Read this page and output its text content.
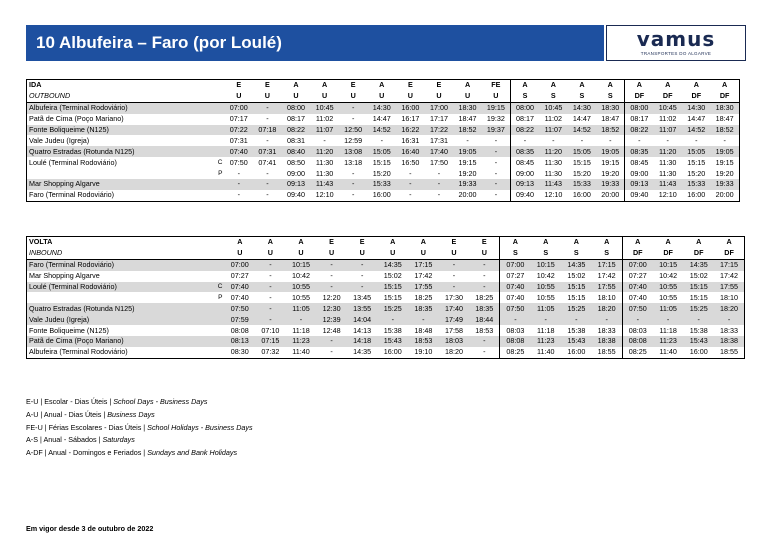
10 Albufeira – Faro (por Loulé)	vamus
TRANSPORTES DO ALGARVE
IDA		E	E	A	A	E	A	E	E	A	FE	A	A	A	A	A	A	A	A
OUTBOUND		U	U	U	U	U	U	U	U	U	U	S	S	S	S	DF	DF	DF	DF
Albufeira (Terminal Rodoviário)		07:00	-	08:00	10:45	-	14:30	16:00	17:00	18:30	19:15	08:00	10:45	14:30	18:30	08:00	10:45	14:30	18:30
Patã de Cima (Poço Mariano)		07:17	-	08:17	11:02	-	14:47	16:17	17:17	18:47	19:32	08:17	11:02	14:47	18:47	08:17	11:02	14:47	18:47
Fonte Boliqueime (N125)		07:22	07:18	08:22	11:07	12:50	14:52	16:22	17:22	18:52	19:37	08:22	11:07	14:52	18:52	08:22	11:07	14:52	18:52
Vale Judeu (Igreja)		07:31	-	08:31	-	12:59	-	16:31	17:31	-	-	-	-	-	-	-	-	-	-
Quatro Estradas (Rotunda N125)		07:40	07:31	08:40	11:20	13:08	15:05	16:40	17:40	19:05	-	08:35	11:20	15:05	19:05	08:35	11:20	15:05	19:05
Loulé (Terminal Rodoviário)	C	07:50	07:41	08:50	11:30	13:18	15:15	16:50	17:50	19:15	-	08:45	11:30	15:15	19:15	08:45	11:30	15:15	19:15
	P	-	-	09:00	11:30	-	15:20	-	-	19:20	-	09:00	11:30	15:20	19:20	09:00	11:30	15:20	19:20
Mar Shopping Algarve		-	-	09:13	11:43	-	15:33	-	-	19:33	-	09:13	11:43	15:33	19:33	09:13	11:43	15:33	19:33
Faro (Terminal Rodoviário)		-	-	09:40	12:10	-	16:00	-	-	20:00	-	09:40	12:10	16:00	20:00	09:40	12:10	16:00	20:00
VOLTA		A	A	A	E	E	A	A	E	E	A	A	A	A	A	A	A	A
INBOUND		U	U	U	U	U	U	U	U	U	S	S	S	S	DF	DF	DF	DF
Faro (Terminal Rodoviário)		07:00	-	10:15	-	-	14:35	17:15	-	-	07:00	10:15	14:35	17:15	07:00	10:15	14:35	17:15
Mar Shopping Algarve		07:27	-	10:42	-	-	15:02	17:42	-	-	07:27	10:42	15:02	17:42	07:27	10:42	15:02	17:42
Loulé (Terminal Rodoviário)	C	07:40	-	10:55	-	-	15:15	17:55	-	-	07:40	10:55	15:15	17:55	07:40	10:55	15:15	17:55
	P	07:40	-	10:55	12:20	13:45	15:15	18:25	17:30	18:25	07:40	10:55	15:15	18:10	07:40	10:55	15:15	18:10
Quatro Estradas (Rotunda N125)		07:50	-	11:05	12:30	13:55	15:25	18:35	17:40	18:35	07:50	11:05	15:25	18:20	07:50	11:05	15:25	18:20
Vale Judeu (Igreja)		07:59	-	-	12:39	14:04	-	-	17:49	18:44	-	-	-	-	-	-	-	-
Fonte Boliqueime (N125)		08:08	07:10	11:18	12:48	14:13	15:38	18:48	17:58	18:53	08:03	11:18	15:38	18:33	08:03	11:18	15:38	18:33
Patã de Cima (Poço Mariano)		08:13	07:15	11:23	-	14:18	15:43	18:53	18:03	-	08:08	11:23	15:43	18:38	08:08	11:23	15:43	18:38
Albufeira (Terminal Rodoviário)		08:30	07:32	11:40	-	14:35	16:00	19:10	18:20	-	08:25	11:40	16:00	18:55	08:25	11:40	16:00	18:55
E-U | Escolar - Dias Úteis | School Days - Business Days
A-U | Anual - Dias Úteis | Business Days
FE-U | Férias Escolares - Dias Úteis | School Holidays - Business Days
A-S | Anual - Sábados | Saturdays
A-DF | Anual - Domingos e Feriados | Sundays and Bank Holidays
Em vigor desde 3 de outubro de 2022
